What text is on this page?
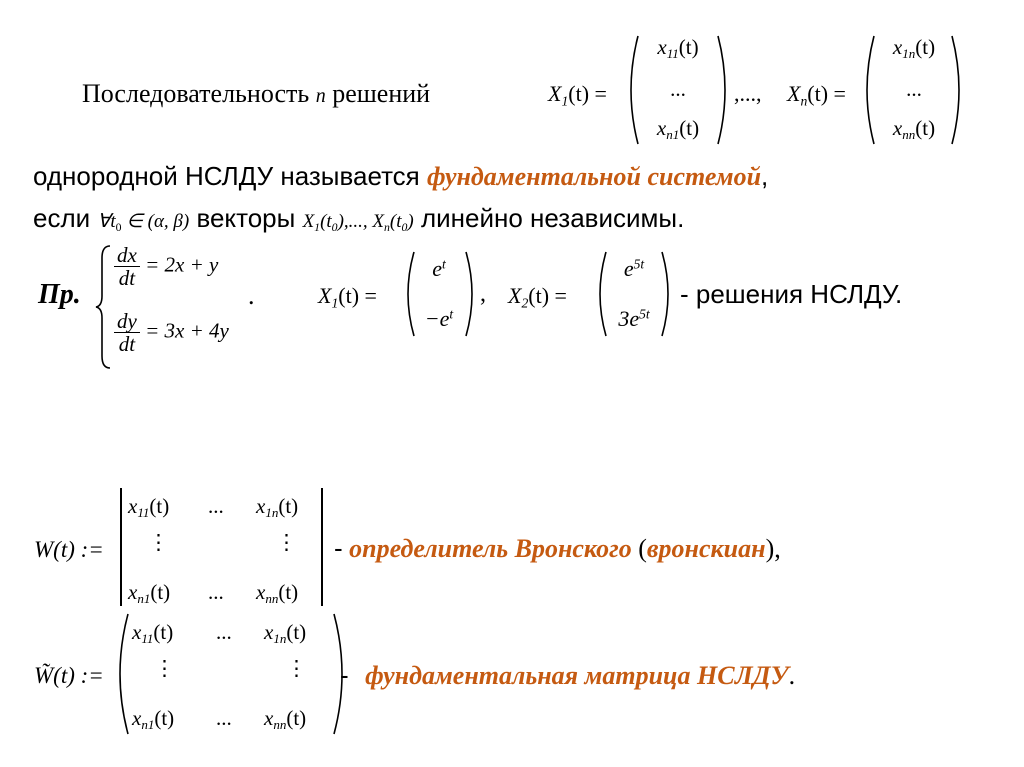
Последовательность n решений	$X_1(t)$ =
$x_{11}(t)$
...
$x_{n1}(t)$
,..., $X_n(t)$ =
$x_{1n}(t)$
...
$x_{nn}(t)$
однородной НСЛДУ называется фундаментальной системой,
если $\forall t_0$ ∈ (α, β) векторы $X_1(t_0)$,..., $X_n(t_0)$ линейно независимы.
Пр.
$\frac{dx}{dt} = 2x + y$
$\frac{dy}{dt} = 3x + 4y$
.	$X_1(t)$ =
$e^t$
$-e^t$
, $X_2(t)$ =
$e^{5t}$
$3e^{5t}$
- решения НСЛДУ.
W(t) :=
$x_{11}(t)$ ... $x_{1n}(t)$
⋮	⋮
$x_{n1}(t)$ ... $x_{nn}(t)$
- определитель Вронского (вронскиан),
W̃(t) :=
$x_{11}(t)$ ... $x_{1n}(t)$
⋮	⋮
$x_{n1}(t)$ ... $x_{nn}(t)$
- фундаментальная матрица НСЛДУ.
